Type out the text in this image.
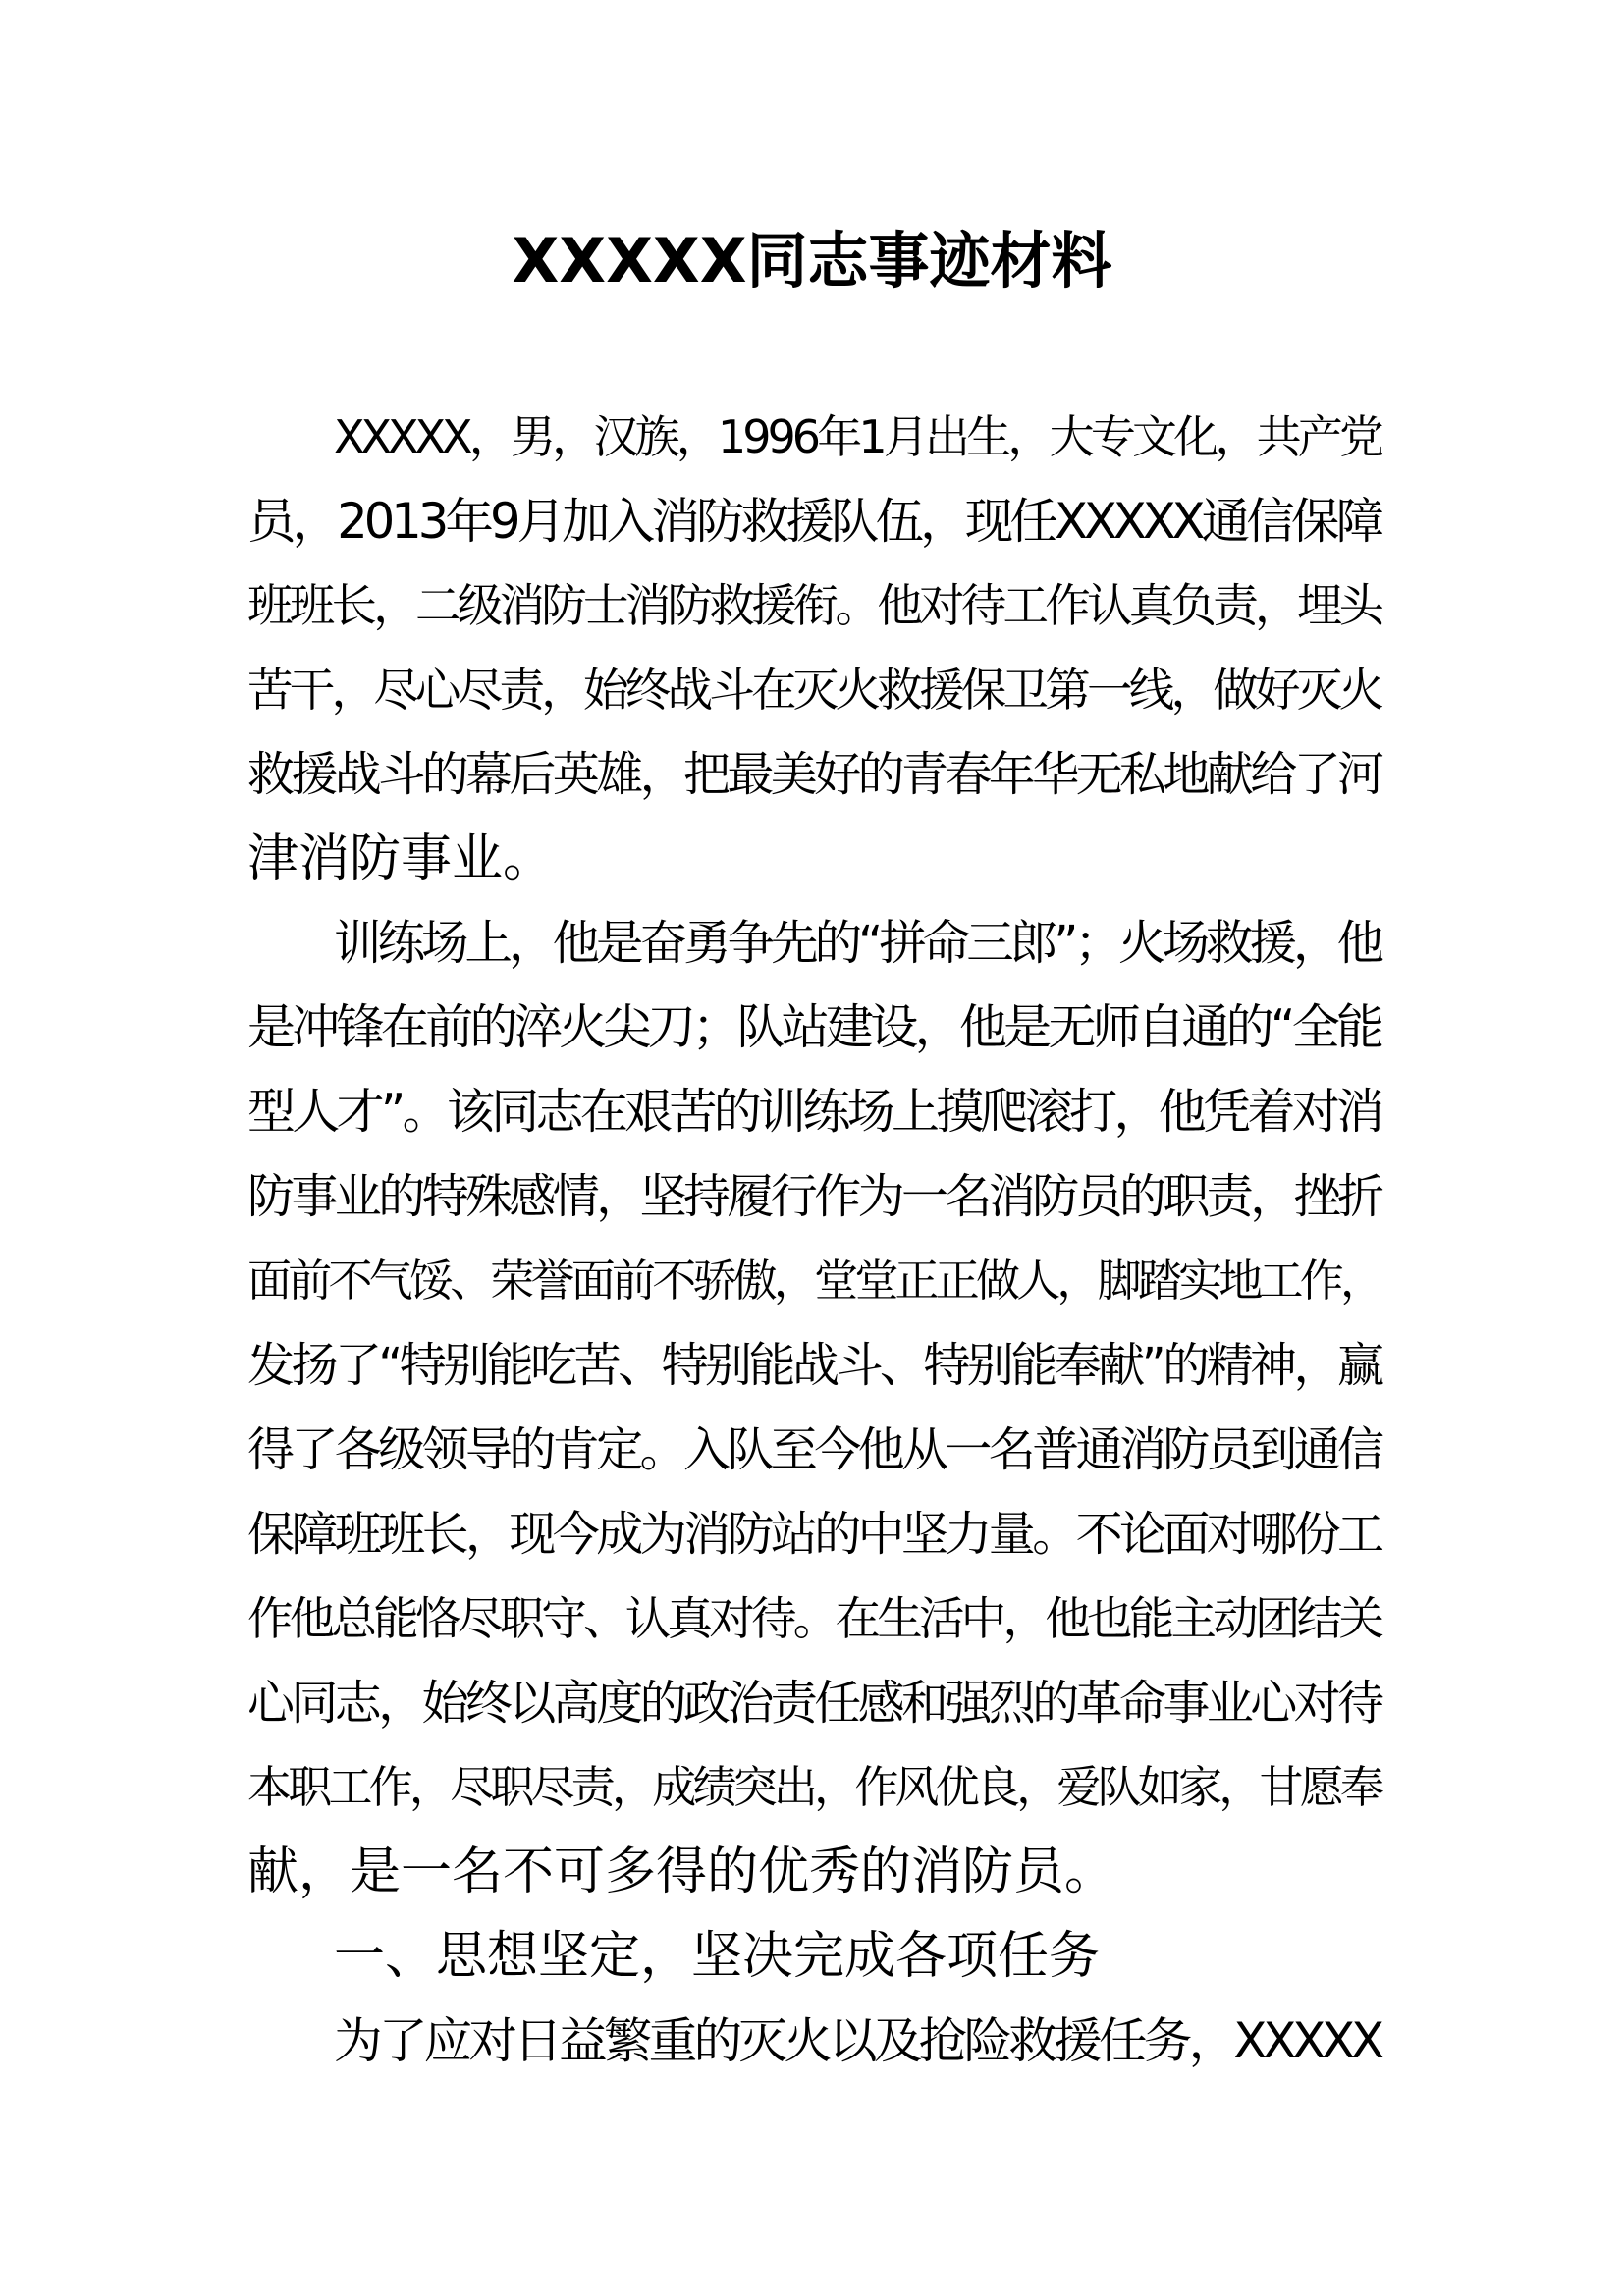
XXXXX同志事迹材料
XXXXX，男，汉族，1996年1月出生，大专文化，共产党
员，2013年9月加入消防救援队伍，现任XXXXX通信保障
班班长，二级消防士消防救援衔。他对待工作认真负责，埋头
苦干，尽心尽责，始终战斗在灭火救援保卫第一线，做好灭火
救援战斗的幕后英雄，把最美好的青春年华无私地献给了河
津消防事业。
训练场上，他是奋勇争先的“拼命三郎”；火场救援，他
是冲锋在前的淬火尖刀；队站建设，他是无师自通的“全能
型人才”。该同志在艰苦的训练场上摸爬滚打，他凭着对消
防事业的特殊感情，坚持履行作为一名消防员的职责，挫折
面前不气馁、荣誉面前不骄傲，堂堂正正做人，脚踏实地工作，
发扬了“特别能吃苦、特别能战斗、特别能奉献”的精神，赢
得了各级领导的肯定。入队至今他从一名普通消防员到通信
保障班班长，现今成为消防站的中坚力量。不论面对哪份工
作他总能恪尽职守、认真对待。在生活中，他也能主动团结关
心同志，始终以高度的政治责任感和强烈的革命事业心对待
本职工作，尽职尽责，成绩突出，作风优良，爱队如家，甘愿奉
献，是一名不可多得的优秀的消防员。
一、思想坚定，坚决完成各项任务
为了应对日益繁重的灭火以及抢险救援任务，XXXXX
